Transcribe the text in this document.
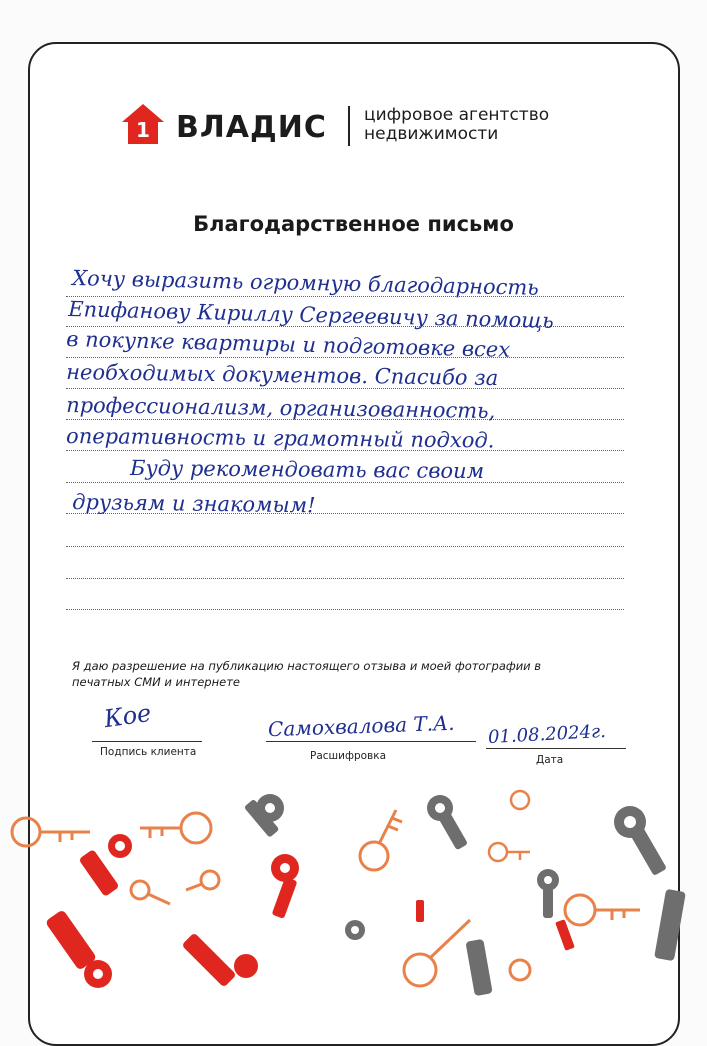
1 ВЛАДИС цифровое агентство недвижимости
Благодарственное письмо
Хочу выразить огромную благодарность
Епифанову Кириллу Сергеевичу за помощь
в покупке квартиры и подготовке всех
необходимых документов. Спасибо за
профессионализм, организованность,
оперативность и грамотный подход.
Буду рекомендовать вас своим
друзьям и знакомым!
Я даю разрешение на публикацию настоящего отзыва и моей фотографии в печатных СМИ и интернете
Кое
Подпись клиента
Самохвалова Т.А.
Расшифровка
01.08.2024г.
Дата
